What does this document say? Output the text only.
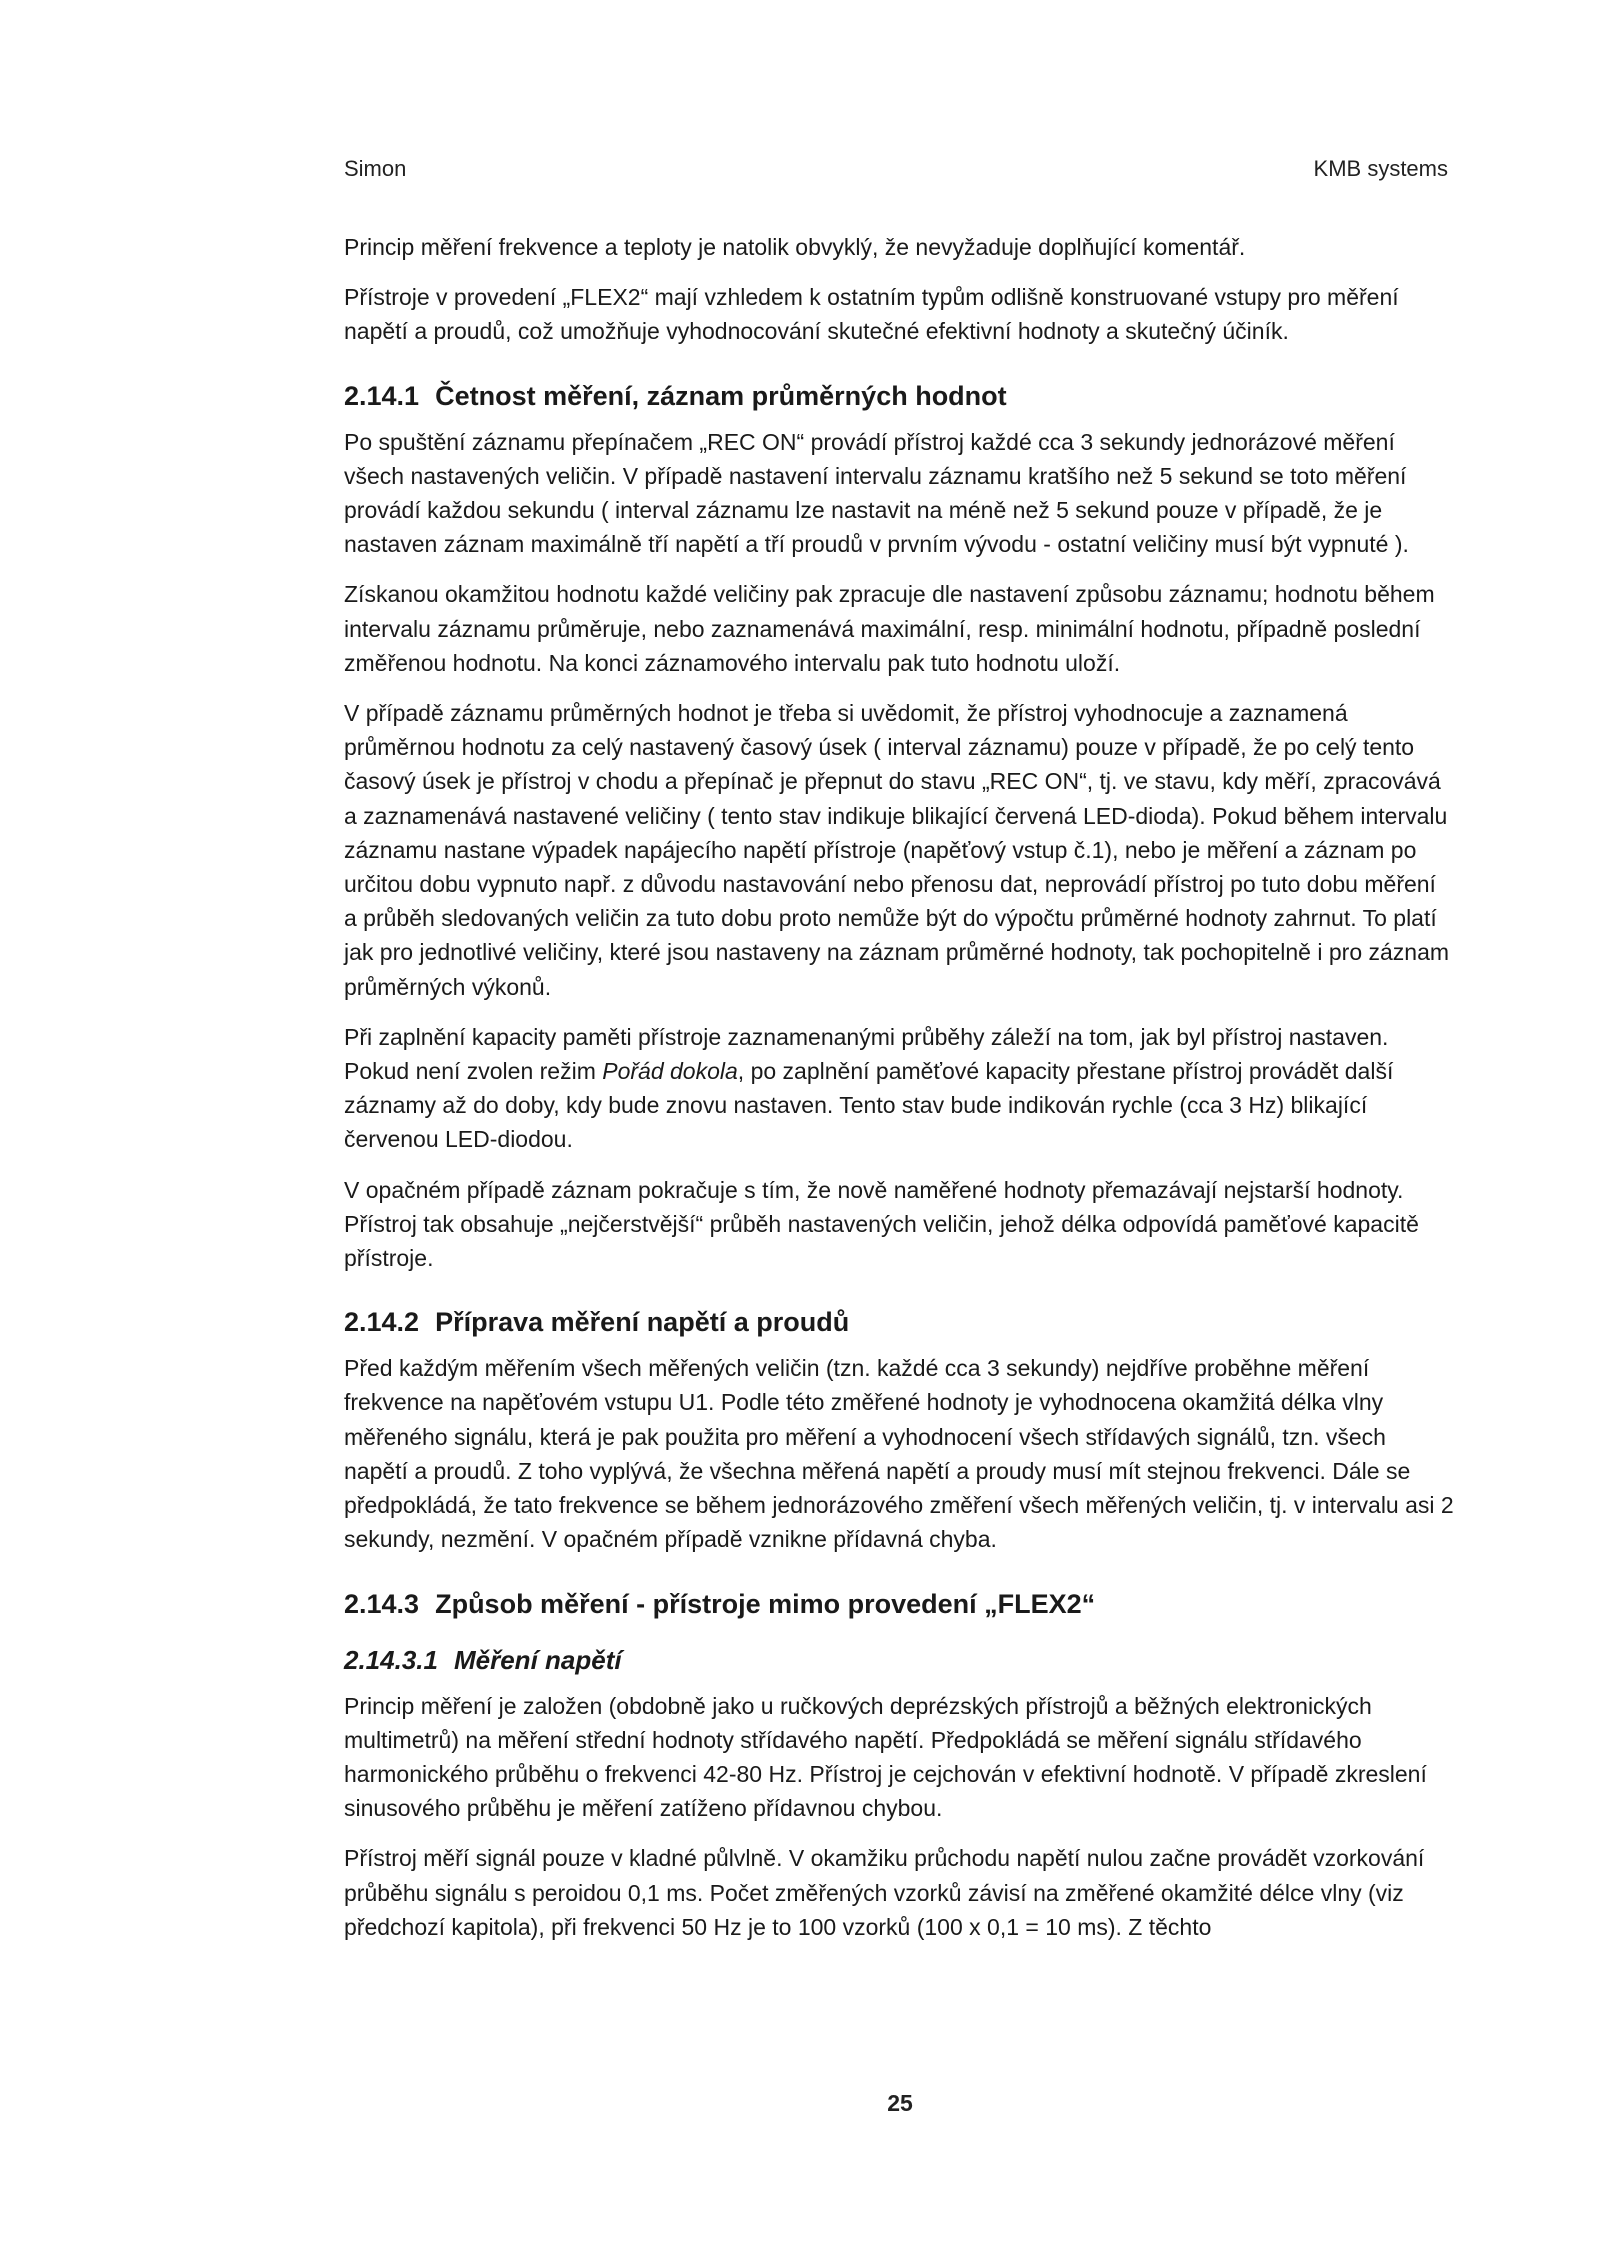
Simon	KMB systems

Princip měření frekvence a teploty je natolik obvyklý, že nevyžaduje doplňující komentář.

Přístroje v provedení „FLEX2“ mají vzhledem k ostatním typům odlišně konstruované vstupy pro měření napětí a proudů, což umožňuje vyhodnocování skutečné efektivní hodnoty a skutečný účiník.

2.14.1 Četnost měření, záznam průměrných hodnot

Po spuštění záznamu přepínačem „REC ON“ provádí přístroj každé cca 3 sekundy jednorázové měření všech nastavených veličin. V případě nastavení intervalu záznamu kratšího než 5 sekund se toto měření provádí každou sekundu ( interval záznamu lze nastavit na méně než 5 sekund pouze v případě, že je nastaven záznam maximálně tří napětí a tří proudů v prvním vývodu - ostatní veličiny musí být vypnuté ).

Získanou okamžitou hodnotu každé veličiny pak zpracuje dle nastavení způsobu záznamu; hodnotu během intervalu záznamu průměruje, nebo zaznamenává maximální, resp. minimální hodnotu, případně poslední změřenou hodnotu. Na konci záznamového intervalu pak tuto hodnotu uloží.

V případě záznamu průměrných hodnot je třeba si uvědomit, že přístroj vyhodnocuje a zaznamená průměrnou hodnotu za celý nastavený časový úsek ( interval záznamu) pouze v případě, že po celý tento časový úsek je přístroj v chodu a přepínač je přepnut do stavu „REC ON“, tj. ve stavu, kdy měří, zpracovává a zaznamenává nastavené veličiny ( tento stav indikuje blikající červená LED-dioda). Pokud během intervalu záznamu nastane výpadek napájecího napětí přístroje (napěťový vstup č.1), nebo je měření a záznam po určitou dobu vypnuto např. z důvodu nastavování nebo přenosu dat, neprovádí přístroj po tuto dobu měření a průběh sledovaných veličin za tuto dobu proto nemůže být do výpočtu průměrné hodnoty zahrnut. To platí jak pro jednotlivé veličiny, které jsou nastaveny na záznam průměrné hodnoty, tak pochopitelně i pro záznam průměrných výkonů.

Při zaplnění kapacity paměti přístroje zaznamenanými průběhy záleží na tom, jak byl přístroj nastaven. Pokud není zvolen režim Pořád dokola, po zaplnění paměťové kapacity přestane přístroj provádět další záznamy až do doby, kdy bude znovu nastaven. Tento stav bude indikován rychle (cca 3 Hz) blikající červenou LED-diodou.

V opačném případě záznam pokračuje s tím, že nově naměřené hodnoty přemazávají nejstarší hodnoty. Přístroj tak obsahuje „nejčerstvější“ průběh nastavených veličin, jehož délka odpovídá paměťové kapacitě přístroje.

2.14.2 Příprava měření napětí a proudů

Před každým měřením všech měřených veličin (tzn. každé cca 3 sekundy) nejdříve proběhne měření frekvence na napěťovém vstupu U1. Podle této změřené hodnoty je vyhodnocena okamžitá délka vlny měřeného signálu, která je pak použita pro měření a vyhodnocení všech střídavých signálů, tzn. všech napětí a proudů. Z toho vyplývá, že všechna měřená napětí a proudy musí mít stejnou frekvenci. Dále se předpokládá, že tato frekvence se během jednorázového změření všech měřených veličin, tj. v intervalu asi 2 sekundy, nezmění. V opačném případě vznikne přídavná chyba.

2.14.3 Způsob měření - přístroje mimo provedení „FLEX2“
2.14.3.1 Měření napětí

Princip měření je založen (obdobně jako u ručkových deprézských přístrojů a běžných elektronických multimetrů) na měření střední hodnoty střídavého napětí. Předpokládá se měření signálu střídavého harmonického průběhu o frekvenci 42-80 Hz. Přístroj je cejchován v efektivní hodnotě. V případě zkreslení sinusového průběhu je měření zatíženo přídavnou chybou.

Přístroj měří signál pouze v kladné půlvlně. V okamžiku průchodu napětí nulou začne provádět vzorkování průběhu signálu s peroidou 0,1 ms. Počet změřených vzorků závisí na změřené okamžité délce vlny (viz předchozí kapitola), při frekvenci 50 Hz je to 100 vzorků (100 x 0,1 = 10 ms). Z těchto

25
